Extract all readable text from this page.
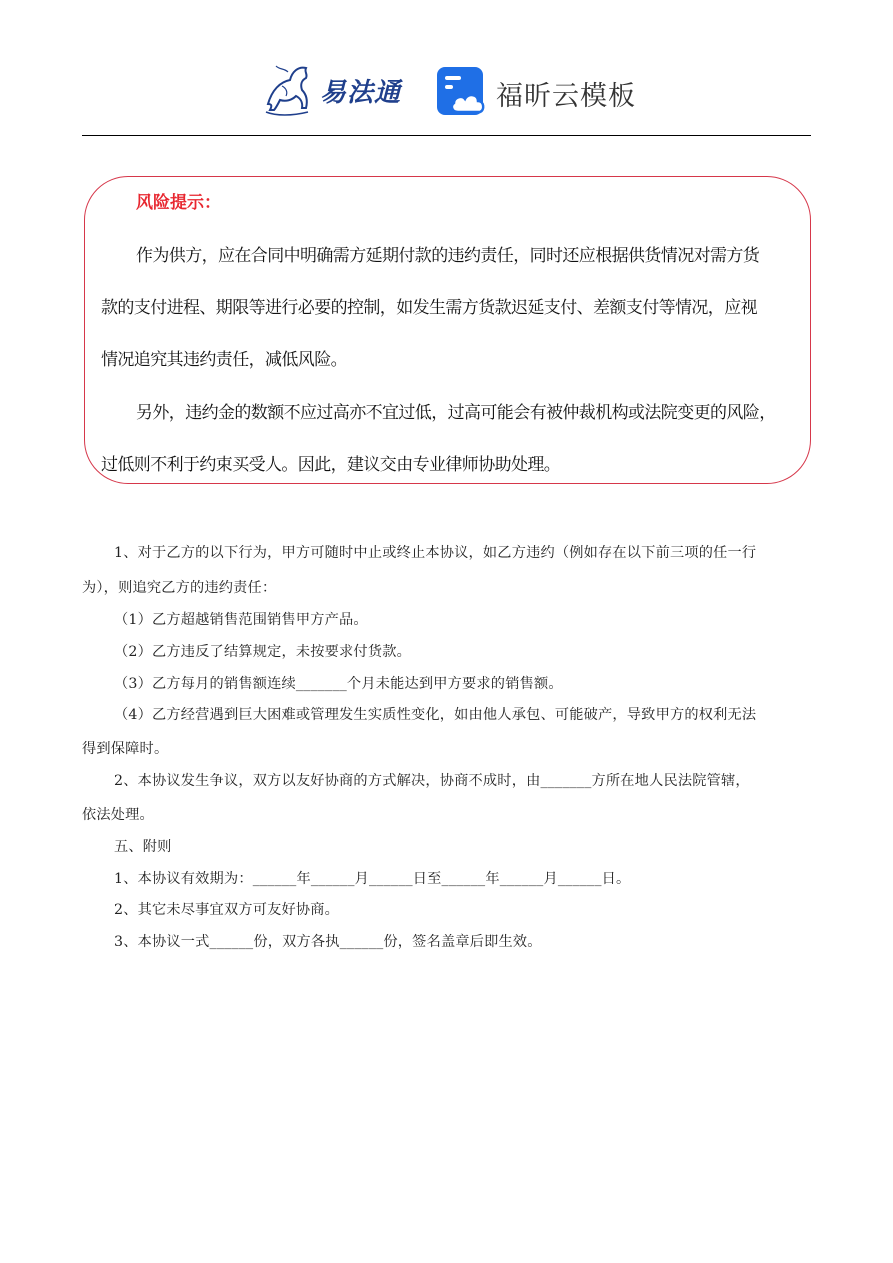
易法通	福昕云模板
风险提示：
作为供方，应在合同中明确需方延期付款的违约责任，同时还应根据供货情况对需方货
款的支付进程、期限等进行必要的控制，如发生需方货款迟延支付、差额支付等情况，应视
情况追究其违约责任，减低风险。
另外，违约金的数额不应过高亦不宜过低，过高可能会有被仲裁机构或法院变更的风险，
过低则不利于约束买受人。因此，建议交由专业律师协助处理。
1、对于乙方的以下行为，甲方可随时中止或终止本协议，如乙方违约（例如存在以下前三项的任一行
为），则追究乙方的违约责任：
（1）乙方超越销售范围销售甲方产品。
（2）乙方违反了结算规定，未按要求付货款。
（3）乙方每月的销售额连续_______个月未能达到甲方要求的销售额。
（4）乙方经营遇到巨大困难或管理发生实质性变化，如由他人承包、可能破产，导致甲方的权利无法
得到保障时。
2、本协议发生争议，双方以友好协商的方式解决，协商不成时，由_______方所在地人民法院管辖，
依法处理。
五、附则
1、本协议有效期为：______年______月______日至______年______月______日。
2、其它未尽事宜双方可友好协商。
3、本协议一式______份，双方各执______份，签名盖章后即生效。
